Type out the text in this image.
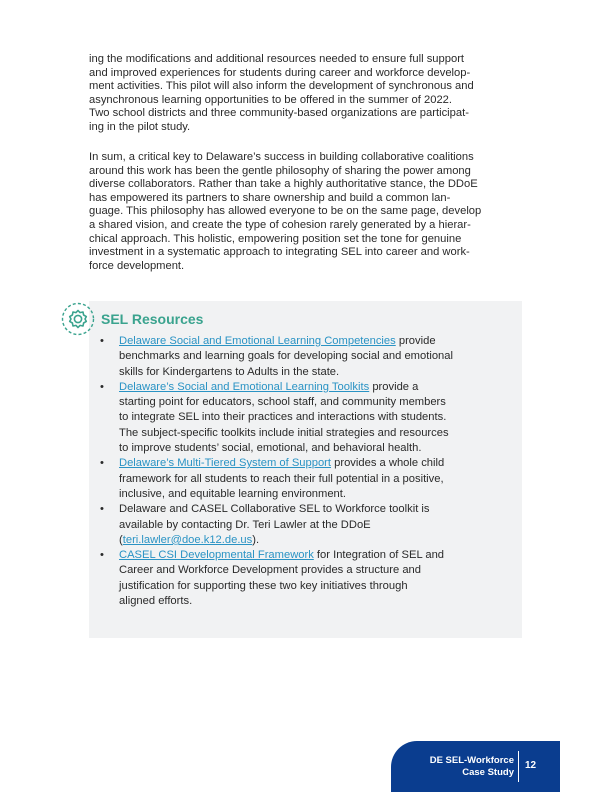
ing the modifications and additional resources needed to ensure full support
and improved experiences for students during career and workforce develop-
ment activities. This pilot will also inform the development of synchronous and
asynchronous learning opportunities to be offered in the summer of 2022.
Two school districts and three community-based organizations are participat-
ing in the pilot study.

In sum, a critical key to Delaware’s success in building collaborative coalitions
around this work has been the gentle philosophy of sharing the power among
diverse collaborators. Rather than take a highly authoritative stance, the DDoE
has empowered its partners to share ownership and build a common lan-
guage. This philosophy has allowed everyone to be on the same page, develop
a shared vision, and create the type of cohesion rarely generated by a hierar-
chical approach. This holistic, empowering position set the tone for genuine
investment in a systematic approach to integrating SEL into career and work-
force development.

SEL Resources
• Delaware Social and Emotional Learning Competencies provide
benchmarks and learning goals for developing social and emotional
skills for Kindergartens to Adults in the state.
• Delaware’s Social and Emotional Learning Toolkits provide a
starting point for educators, school staff, and community members
to integrate SEL into their practices and interactions with students.
The subject-specific toolkits include initial strategies and resources
to improve students’ social, emotional, and behavioral health.
• Delaware’s Multi-Tiered System of Support provides a whole child
framework for all students to reach their full potential in a positive,
inclusive, and equitable learning environment.
• Delaware and CASEL Collaborative SEL to Workforce toolkit is
available by contacting Dr. Teri Lawler at the DDoE
(teri.lawler@doe.k12.de.us).
• CASEL CSI Developmental Framework for Integration of SEL and
Career and Workforce Development provides a structure and
justification for supporting these two key initiatives through
aligned efforts.
DE SEL-Workforce
Case Study
12
